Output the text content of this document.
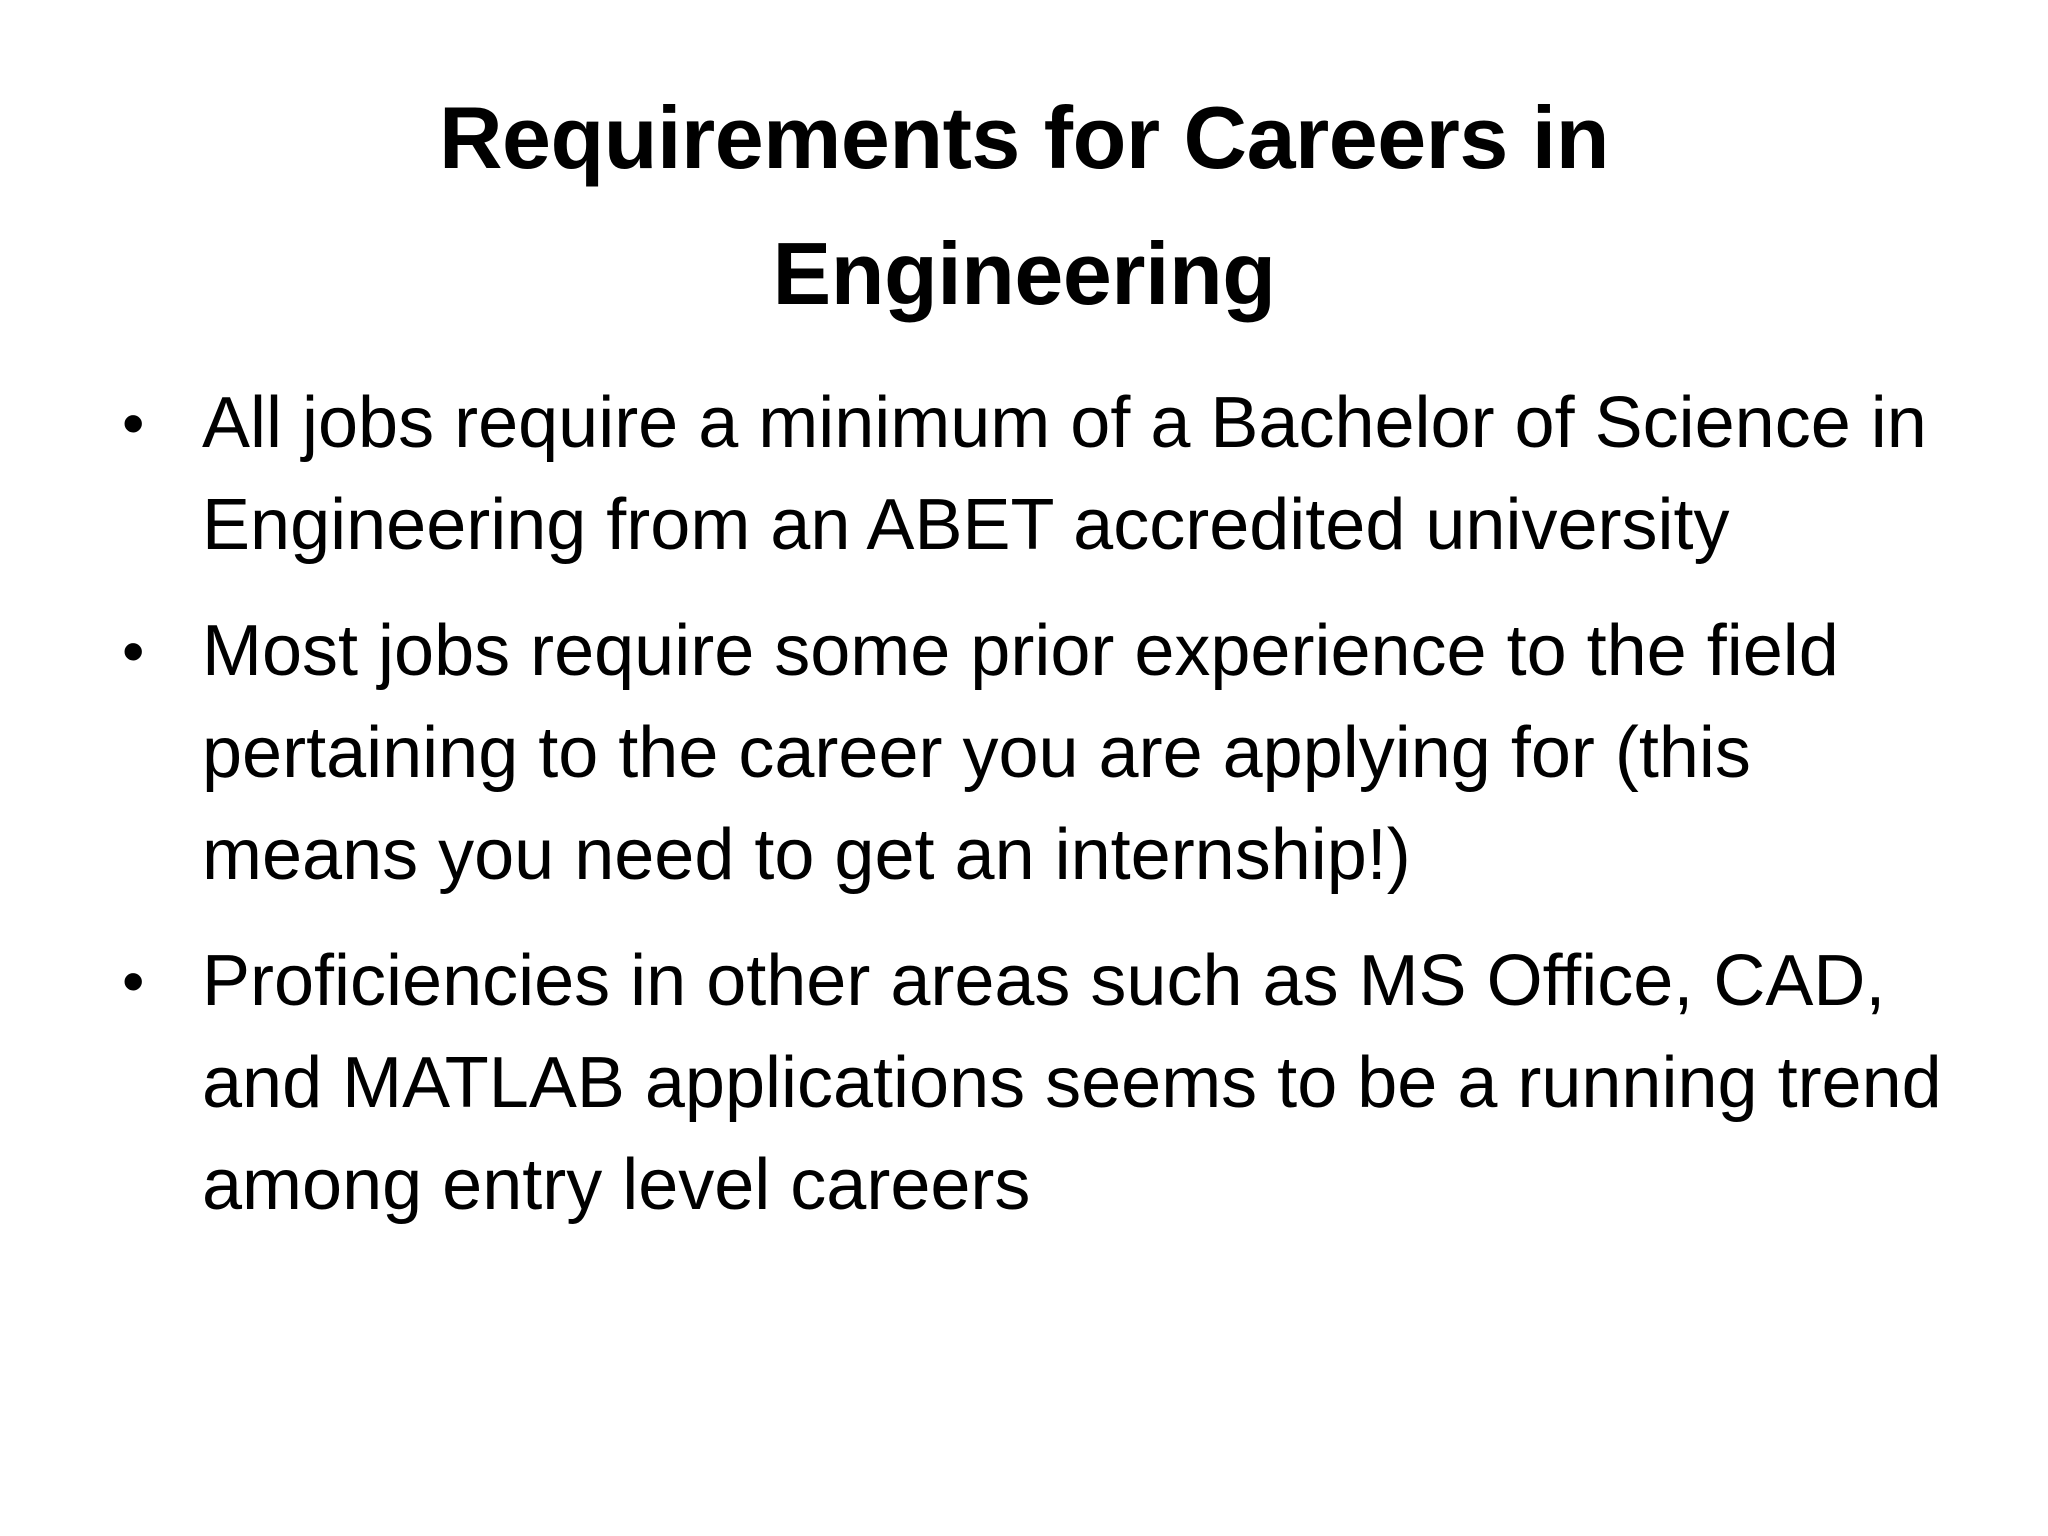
Requirements for Careers in Engineering
• All jobs require a minimum of a Bachelor of Science in Engineering from an ABET accredited university
• Most jobs require some prior experience to the field pertaining to the career you are applying for (this means you need to get an internship!)
• Proficiencies in other areas such as MS Office, CAD, and MATLAB applications seems to be a running trend among entry level careers
